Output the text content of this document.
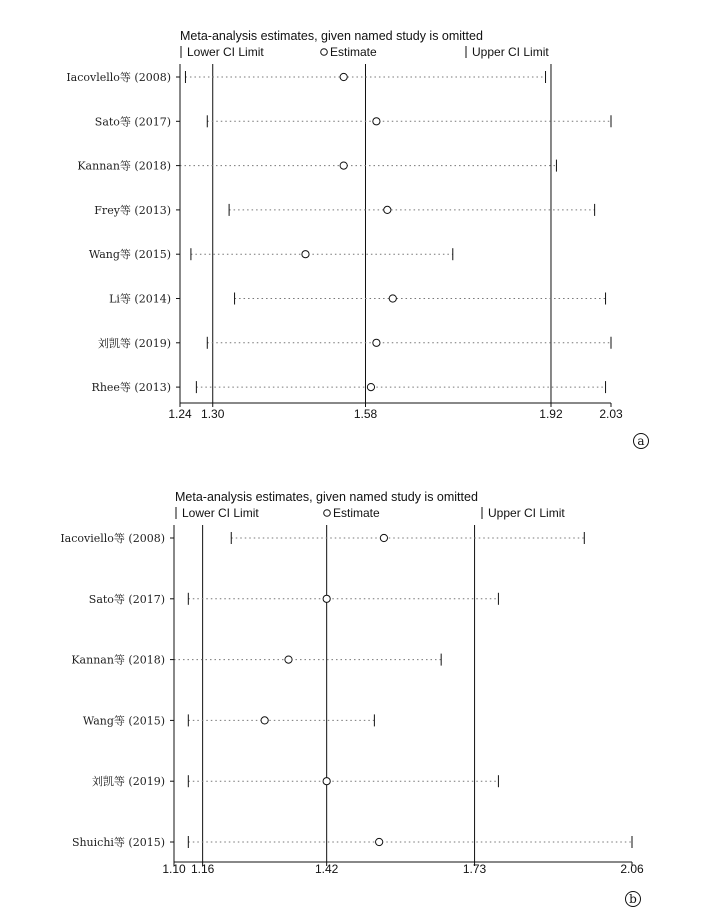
Meta-analysis estimates, given named study is omitted
Lower CI Limit	Estimate	Upper CI Limit
1.24 1.30	1.58	1.92	2.03
Iacovlello等 (2008)
Sato等 (2017)
Kannan等 (2018)
Frey等 (2013)
Wang等 (2015)
Li等 (2014)
刘凯等 (2019)
Rhee等 (2013)
a
Meta-analysis estimates, given named study is omitted
Lower CI Limit	Estimate	Upper CI Limit
1.10 1.16	1.42	1.73	2.06
Iacoviello等 (2008)
Sato等 (2017)
Kannan等 (2018)
Wang等 (2015)
刘凯等 (2019)
Shuichi等 (2015)
b
